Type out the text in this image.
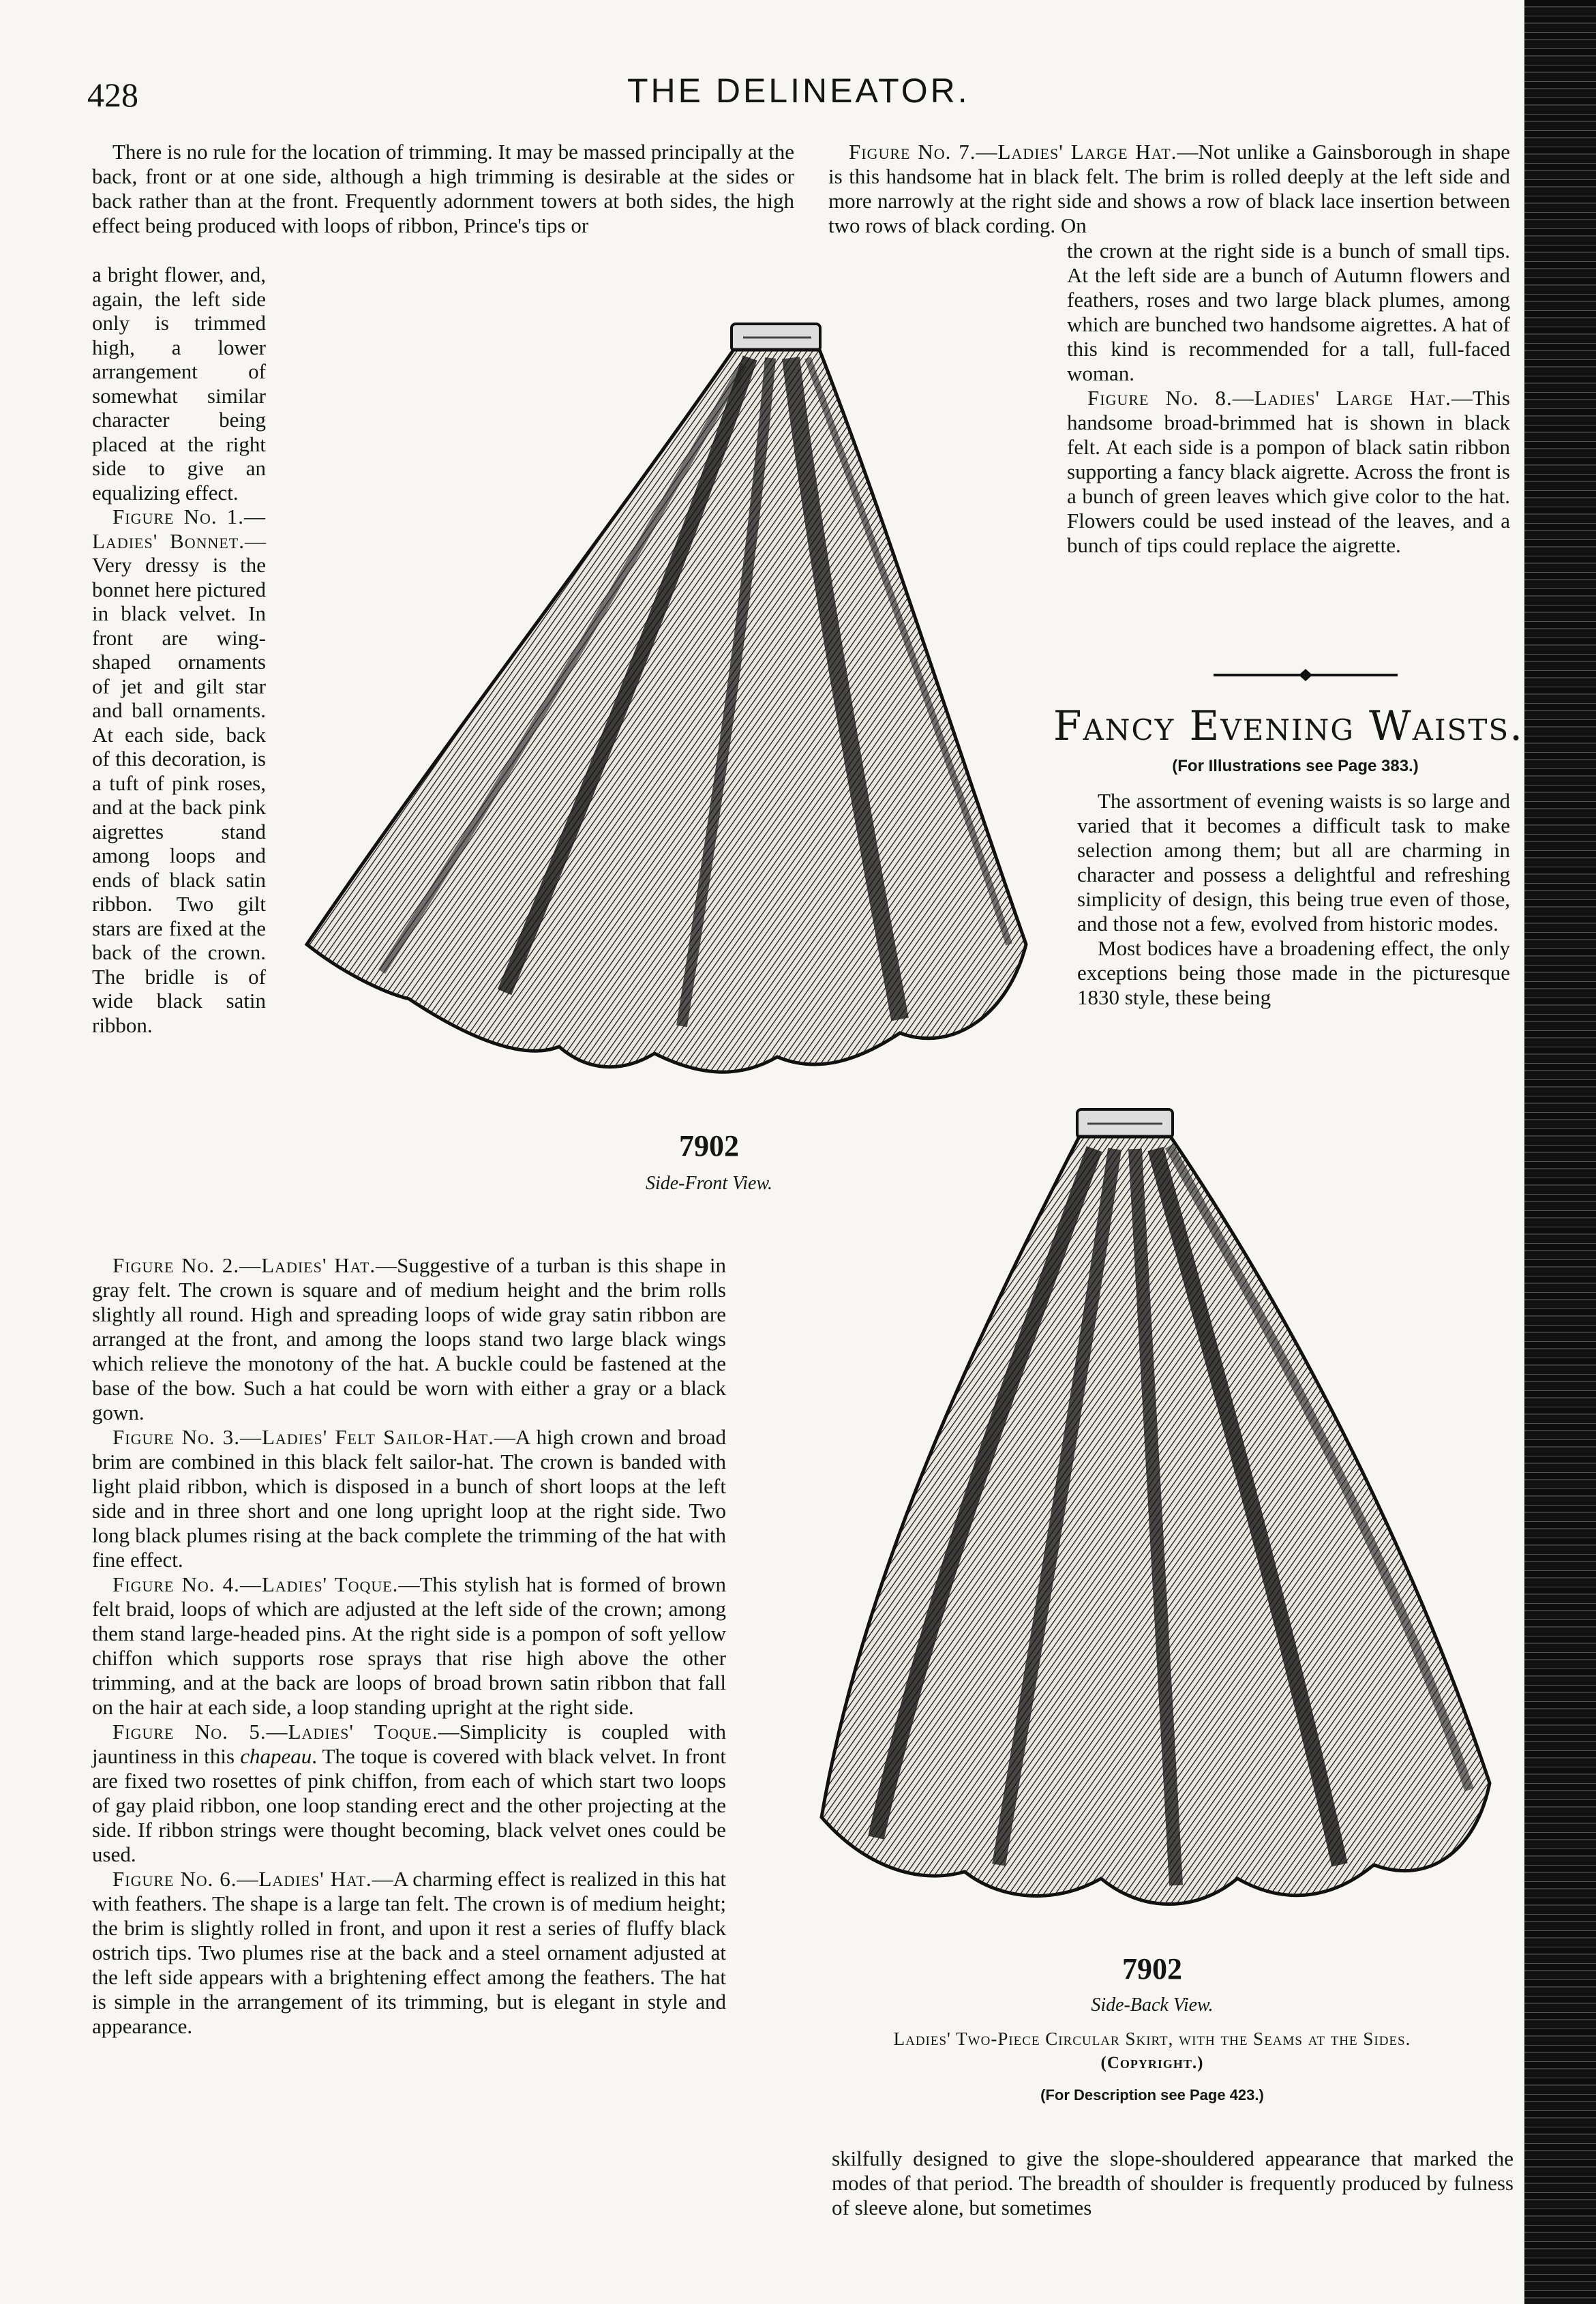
428	THE DELINEATOR.

There is no rule for the location of trimming. It may be massed principally at the back, front or at one side, although a high trimming is desirable at the sides or back rather than at the front. Frequently adornment towers at both sides, the high effect being produced with loops of ribbon, Prince's tips or

a bright flower, and, again, the left side only is trimmed high, a lower arrangement of somewhat similar character being placed at the right side to give an equalizing effect.

Figure No. 1.—Ladies' Bonnet.—Very dressy is the bonnet here pictured in black velvet. In front are wing-shaped ornaments of jet and gilt star and ball ornaments. At each side, back of this decoration, is a tuft of pink roses, and at the back pink aigrettes stand among loops and ends of black satin ribbon. Two gilt stars are fixed at the back of the crown. The bridle is of wide black satin ribbon.

7902
Side-Front View.

Figure No. 2.—Ladies' Hat.—Suggestive of a turban is this shape in gray felt. The crown is square and of medium height and the brim rolls slightly all round. High and spreading loops of wide gray satin ribbon are arranged at the front, and among the loops stand two large black wings which relieve the monotony of the hat. A buckle could be fastened at the base of the bow. Such a hat could be worn with either a gray or a black gown.

Figure No. 3.—Ladies' Felt Sailor-Hat.—A high crown and broad brim are combined in this black felt sailor-hat. The crown is banded with light plaid ribbon, which is disposed in a bunch of short loops at the left side and in three short and one long upright loop at the right side. Two long black plumes rising at the back complete the trimming of the hat with fine effect.

Figure No. 4.—Ladies' Toque.—This stylish hat is formed of brown felt braid, loops of which are adjusted at the left side of the crown; among them stand large-headed pins. At the right side is a pompon of soft yellow chiffon which supports rose sprays that rise high above the other trimming, and at the back are loops of broad brown satin ribbon that fall on the hair at each side, a loop standing upright at the right side.

Figure No. 5.—Ladies' Toque.—Simplicity is coupled with jauntiness in this chapeau. The toque is covered with black velvet. In front are fixed two rosettes of pink chiffon, from each of which start two loops of gay plaid ribbon, one loop standing erect and the other projecting at the side. If ribbon strings were thought becoming, black velvet ones could be used.

Figure No. 6.—Ladies' Hat.—A charming effect is realized in this hat with feathers. The shape is a large tan felt. The crown is of medium height; the brim is slightly rolled in front, and upon it rest a series of fluffy black ostrich tips. Two plumes rise at the back and a steel ornament adjusted at the left side appears with a brightening effect among the feathers. The hat is simple in the arrangement of its trimming, but is elegant in style and appearance.

Figure No. 7.—Ladies' Large Hat.—Not unlike a Gainsborough in shape is this handsome hat in black felt. The brim is rolled deeply at the left side and more narrowly at the right side and shows a row of black lace insertion between two rows of black cording. On

the crown at the right side is a bunch of small tips. At the left side are a bunch of Autumn flowers and feathers, roses and two large black plumes, among which are bunched two handsome aigrettes. A hat of this kind is recommended for a tall, full-faced woman.

Figure No. 8.—Ladies' Large Hat.—This handsome broad-brimmed hat is shown in black felt. At each side is a pompon of black satin ribbon supporting a fancy black aigrette. Across the front is a bunch of green leaves which give color to the hat. Flowers could be used instead of the leaves, and a bunch of tips could replace the aigrette.

Fancy Evening Waists.
(For Illustrations see Page 383.)

The assortment of evening waists is so large and varied that it becomes a difficult task to make selection among them; but all are charming in character and possess a delightful and refreshing simplicity of design, this being true even of those, and those not a few, evolved from historic modes.

Most bodices have a broadening effect, the only exceptions being those made in the picturesque 1830 style, these being

7902
Side-Back View.
Ladies' Two-Piece Circular Skirt, with the Seams at the Sides.
(Copyright.)
(For Description see Page 423.)

skilfully designed to give the slope-shouldered appearance that marked the modes of that period. The breadth of shoulder is frequently produced by fulness of sleeve alone, but sometimes
